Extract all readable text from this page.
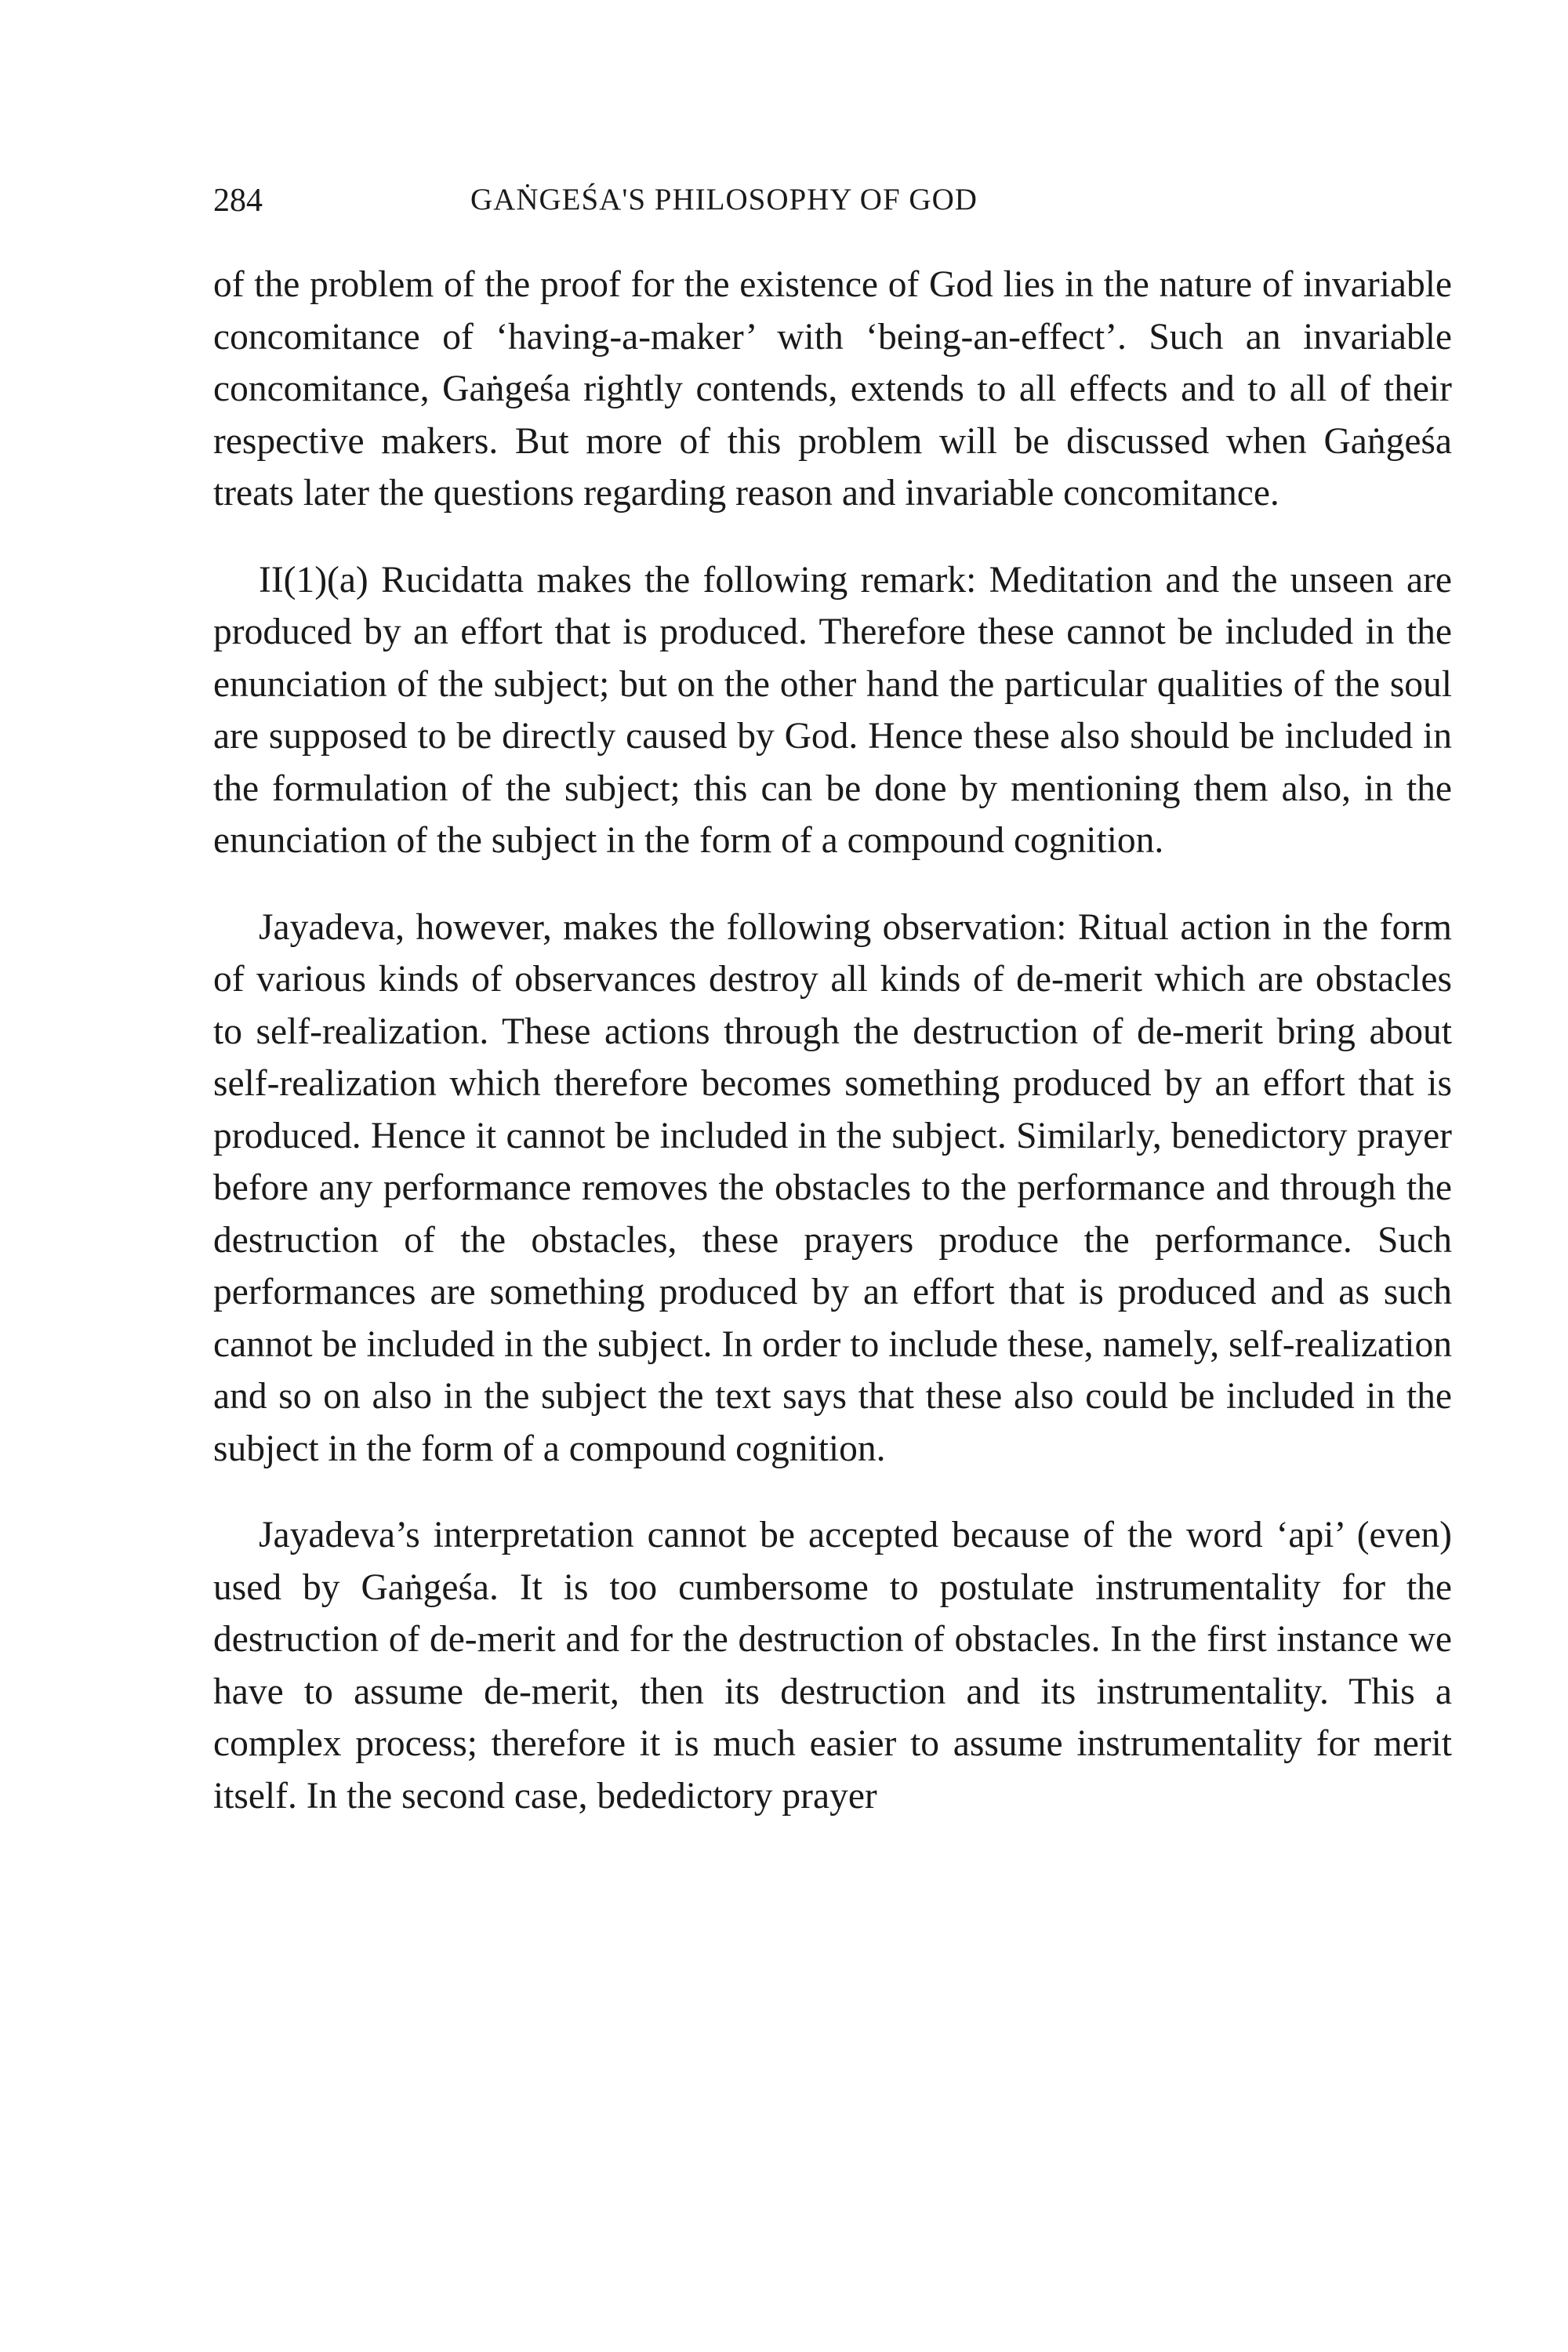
284	GAṄGEŚA'S PHILOSOPHY OF GOD

of the problem of the proof for the existence of God lies in the nature of invariable concomitance of ‘having-a-maker’ with ‘being-an-effect’. Such an invariable concomitance, Gaṅgeśa rightly contends, extends to all effects and to all of their respective makers. But more of this problem will be discussed when Gaṅgeśa treats later the questions regarding reason and invariable concomitance.

II(1)(a) Rucidatta makes the following remark: Meditation and the unseen are produced by an effort that is produced. Therefore these cannot be included in the enunciation of the subject; but on the other hand the particular qualities of the soul are supposed to be directly caused by God. Hence these also should be included in the formulation of the subject; this can be done by mentioning them also, in the enunciation of the subject in the form of a compound cognition.

Jayadeva, however, makes the following observation: Ritual action in the form of various kinds of observances destroy all kinds of de-merit which are obstacles to self-realization. These actions through the destruction of de-merit bring about self-realization which therefore becomes something produced by an effort that is produced. Hence it cannot be included in the subject. Similarly, benedictory prayer before any performance removes the obstacles to the performance and through the destruction of the obstacles, these prayers produce the performance. Such performances are something produced by an effort that is produced and as such cannot be included in the subject. In order to include these, namely, self-realization and so on also in the subject the text says that these also could be included in the subject in the form of a compound cognition.

Jayadeva’s interpretation cannot be accepted because of the word ‘api’ (even) used by Gaṅgeśa. It is too cumbersome to postulate instrumentality for the destruction of de-merit and for the destruction of obstacles. In the first instance we have to assume de-merit, then its destruction and its instrumentality. This a complex process; therefore it is much easier to assume instrumentality for merit itself. In the second case, bededictory prayer
